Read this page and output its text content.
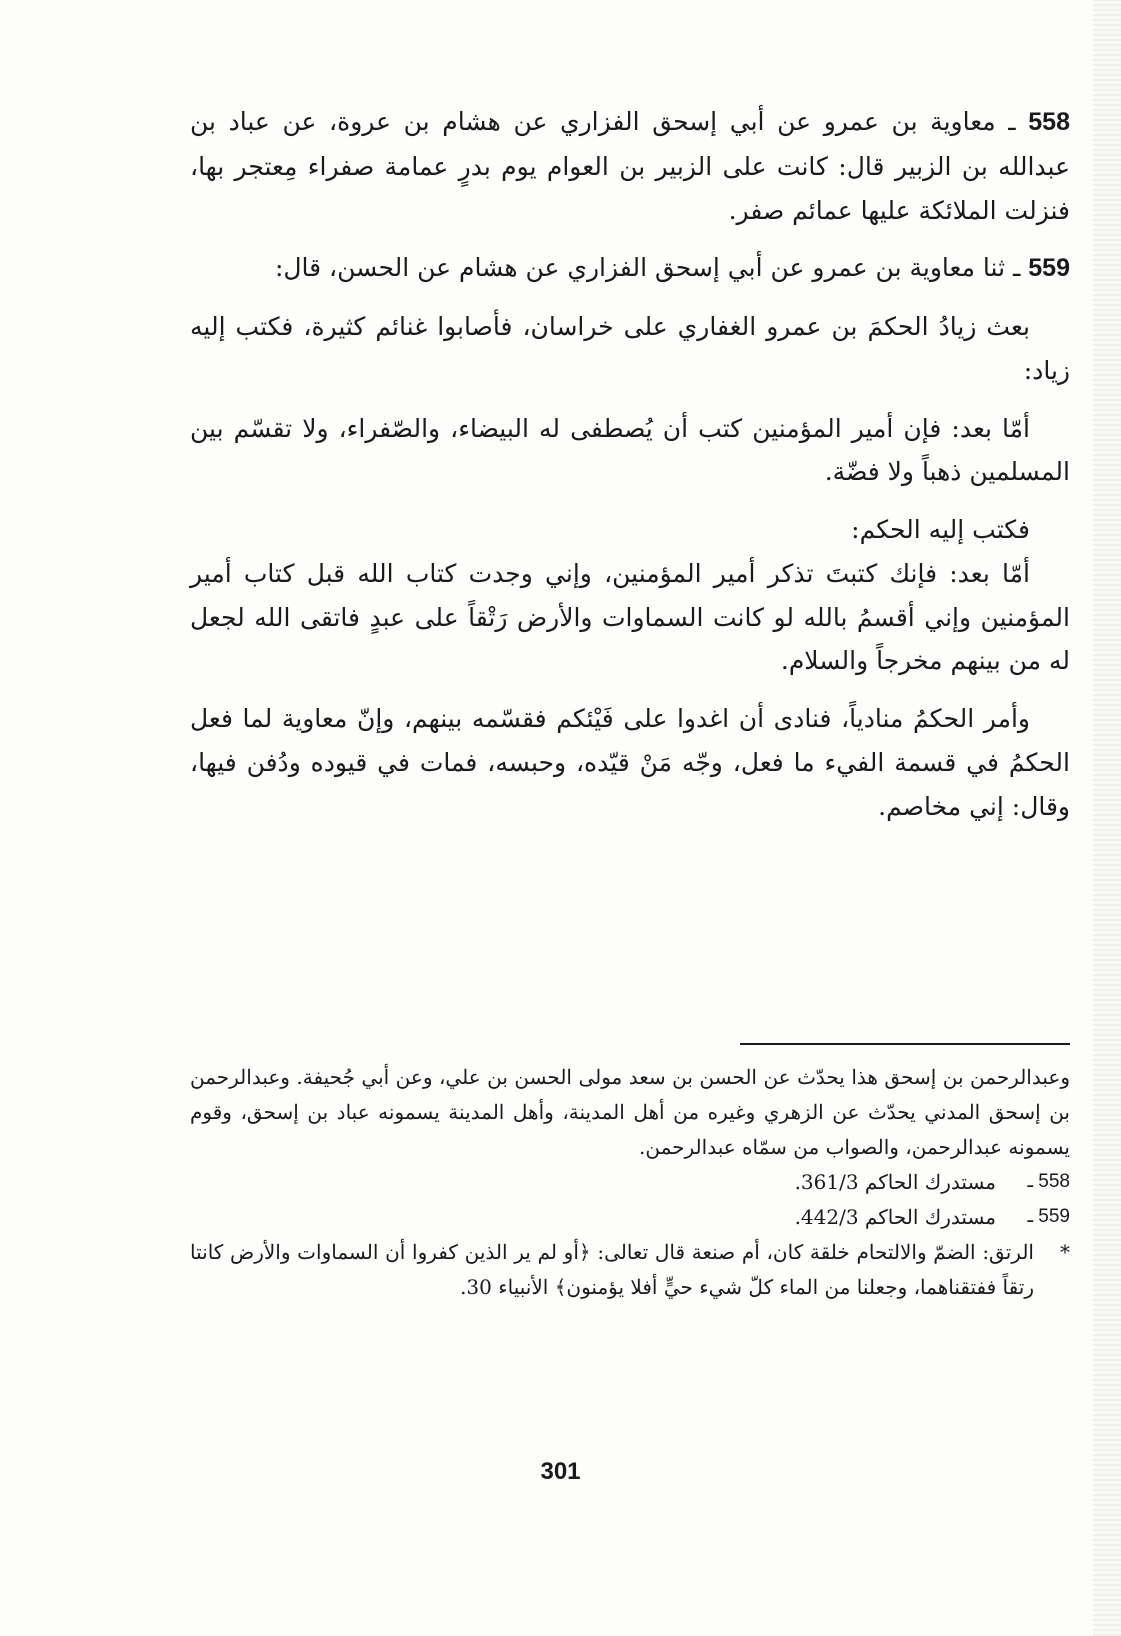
558 ـ معاوية بن عمرو عن أبي إسحق الفزاري عن هشام بن عروة، عن عباد بن عبدالله بن الزبير قال: كانت على الزبير بن العوام يوم بدرٍ عمامة صفراء مِعتجر بها، فنزلت الملائكة عليها عمائم صفر.

559 ـ ثنا معاوية بن عمرو عن أبي إسحق الفزاري عن هشام عن الحسن، قال:

بعث زيادُ الحكمَ بن عمرو الغفاري على خراسان، فأصابوا غنائم كثيرة، فكتب إليه زياد:

أمّا بعد: فإن أمير المؤمنين كتب أن يُصطفى له البيضاء، والصّفراء، ولا تقسّم بين المسلمين ذهباً ولا فضّة.

فكتب إليه الحكم:

أمّا بعد: فإنك كتبتَ تذكر أمير المؤمنين، وإني وجدت كتاب الله قبل كتاب أمير المؤمنين وإني أقسمُ بالله لو كانت السماوات والأرض رَتْقاً على عبدٍ فاتقى الله لجعل له من بينهم مخرجاً والسلام.

وأمر الحكمُ منادياً، فنادى أن اغدوا على فَيْئكم فقسّمه بينهم، وإنّ معاوية لما فعل الحكمُ في قسمة الفيء ما فعل، وجّه مَنْ قيّده، وحبسه، فمات في قيوده ودُفن فيها، وقال: إني مخاصم.

وعبدالرحمن بن إسحق هذا يحدّث عن الحسن بن سعد مولى الحسن بن علي، وعن أبي جُحيفة. وعبدالرحمن بن إسحق المدني يحدّث عن الزهري وغيره من أهل المدينة، وأهل المدينة يسمونه عباد بن إسحق، وقوم يسمونه عبدالرحمن، والصواب من سمّاه عبدالرحمن.

558 ـ
مستدرك الحاكم 361/3.
559 ـ
مستدرك الحاكم 442/3.
*
الرتق: الضمّ والالتحام خلقة كان، أم صنعة قال تعالى: ﴿أو لم ير الذين كفروا أن السماوات والأرض كانتا رتقاً ففتقناهما، وجعلنا من الماء كلّ شيء حيٍّ أفلا يؤمنون﴾ الأنبياء 30.
301
